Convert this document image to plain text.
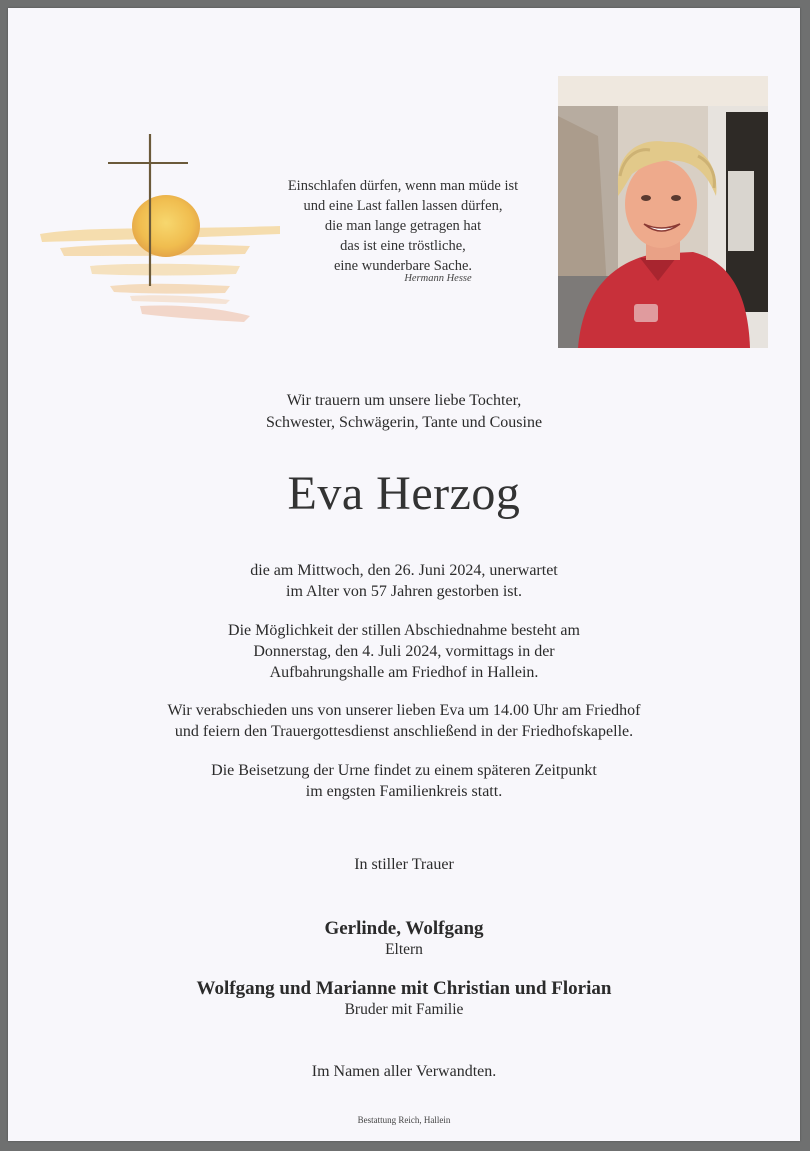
Einschlafen dürfen, wenn man müde ist
und eine Last fallen lassen dürfen,
die man lange getragen hat
das ist eine tröstliche,
eine wunderbare Sache.
Hermann Hesse
Wir trauern um unsere liebe Tochter,
Schwester, Schwägerin, Tante und Cousine
Eva Herzog
die am Mittwoch, den 26. Juni 2024, unerwartet
im Alter von 57 Jahren gestorben ist.
Die Möglichkeit der stillen Abschiednahme besteht am
Donnerstag, den 4. Juli 2024, vormittags in der
Aufbahrungshalle am Friedhof in Hallein.
Wir verabschieden uns von unserer lieben Eva um 14.00 Uhr am Friedhof
und feiern den Trauergottesdienst anschließend in der Friedhofskapelle.
Die Beisetzung der Urne findet zu einem späteren Zeitpunkt
im engsten Familienkreis statt.
In stiller Trauer
Gerlinde, Wolfgang
Eltern
Wolfgang und Marianne mit Christian und Florian
Bruder mit Familie
Im Namen aller Verwandten.
Bestattung Reich, Hallein
